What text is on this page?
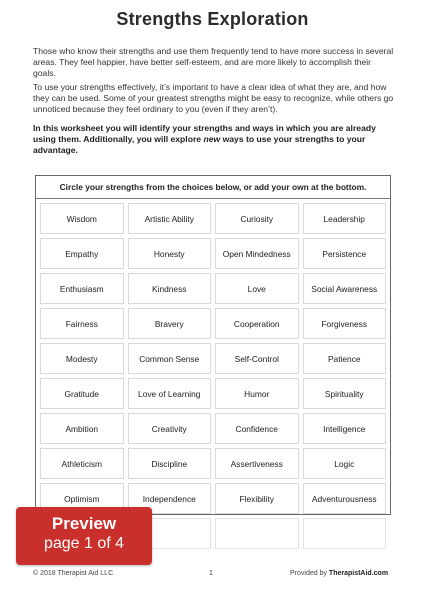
Strengths Exploration
Those who know their strengths and use them frequently tend to have more success in several areas. They feel happier, have better self-esteem, and are more likely to accomplish their goals.
To use your strengths effectively, it’s important to have a clear idea of what they are, and how they can be used. Some of your greatest strengths might be easy to recognize, while others go unnoticed because they feel ordinary to you (even if they aren’t).
In this worksheet you will identify your strengths and ways in which you are already using them. Additionally, you will explore new ways to use your strengths to your advantage.
Circle your strengths from the choices below, or add your own at the bottom.
Wisdom	Artistic Ability	Curiosity	Leadership
Empathy	Honesty	Open Mindedness	Persistence
Enthusiasm	Kindness	Love	Social Awareness
Fairness	Bravery	Cooperation	Forgiveness
Modesty	Common Sense	Self-Control	Patience
Gratitude	Love of Learning	Humor	Spirituality
Ambition	Creativity	Confidence	Intelligence
Athleticism	Discipline	Assertiveness	Logic
Optimism	Independence	Flexibility	Adventurousness
Preview
page 1 of 4
© 2018 Therapist Aid LLC	1	Provided by TherapistAid.com
